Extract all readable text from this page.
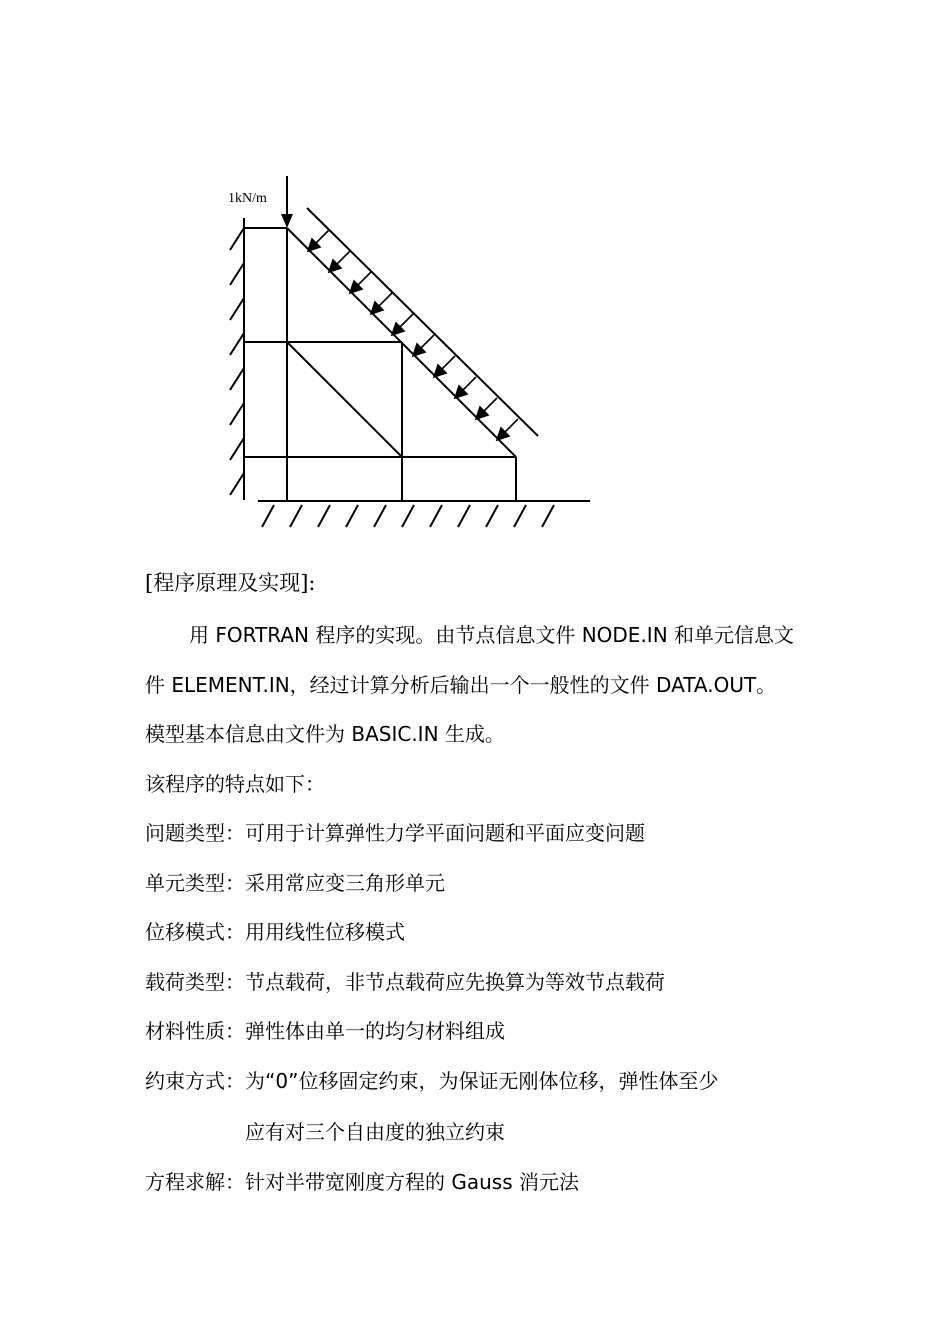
1kN/m
[程序原理及实现]:
用 FORTRAN 程序的实现。由节点信息文件 NODE.IN 和单元信息文
件 ELEMENT.IN，经过计算分析后输出一个一般性的文件 DATA.OUT。
模型基本信息由文件为 BASIC.IN 生成。
该程序的特点如下：
问题类型：可用于计算弹性力学平面问题和平面应变问题
单元类型：采用常应变三角形单元
位移模式：用用线性位移模式
载荷类型：节点载荷，非节点载荷应先换算为等效节点载荷
材料性质：弹性体由单一的均匀材料组成
约束方式：为“0”位移固定约束，为保证无刚体位移，弹性体至少
应有对三个自由度的独立约束
方程求解：针对半带宽刚度方程的 Gauss 消元法
